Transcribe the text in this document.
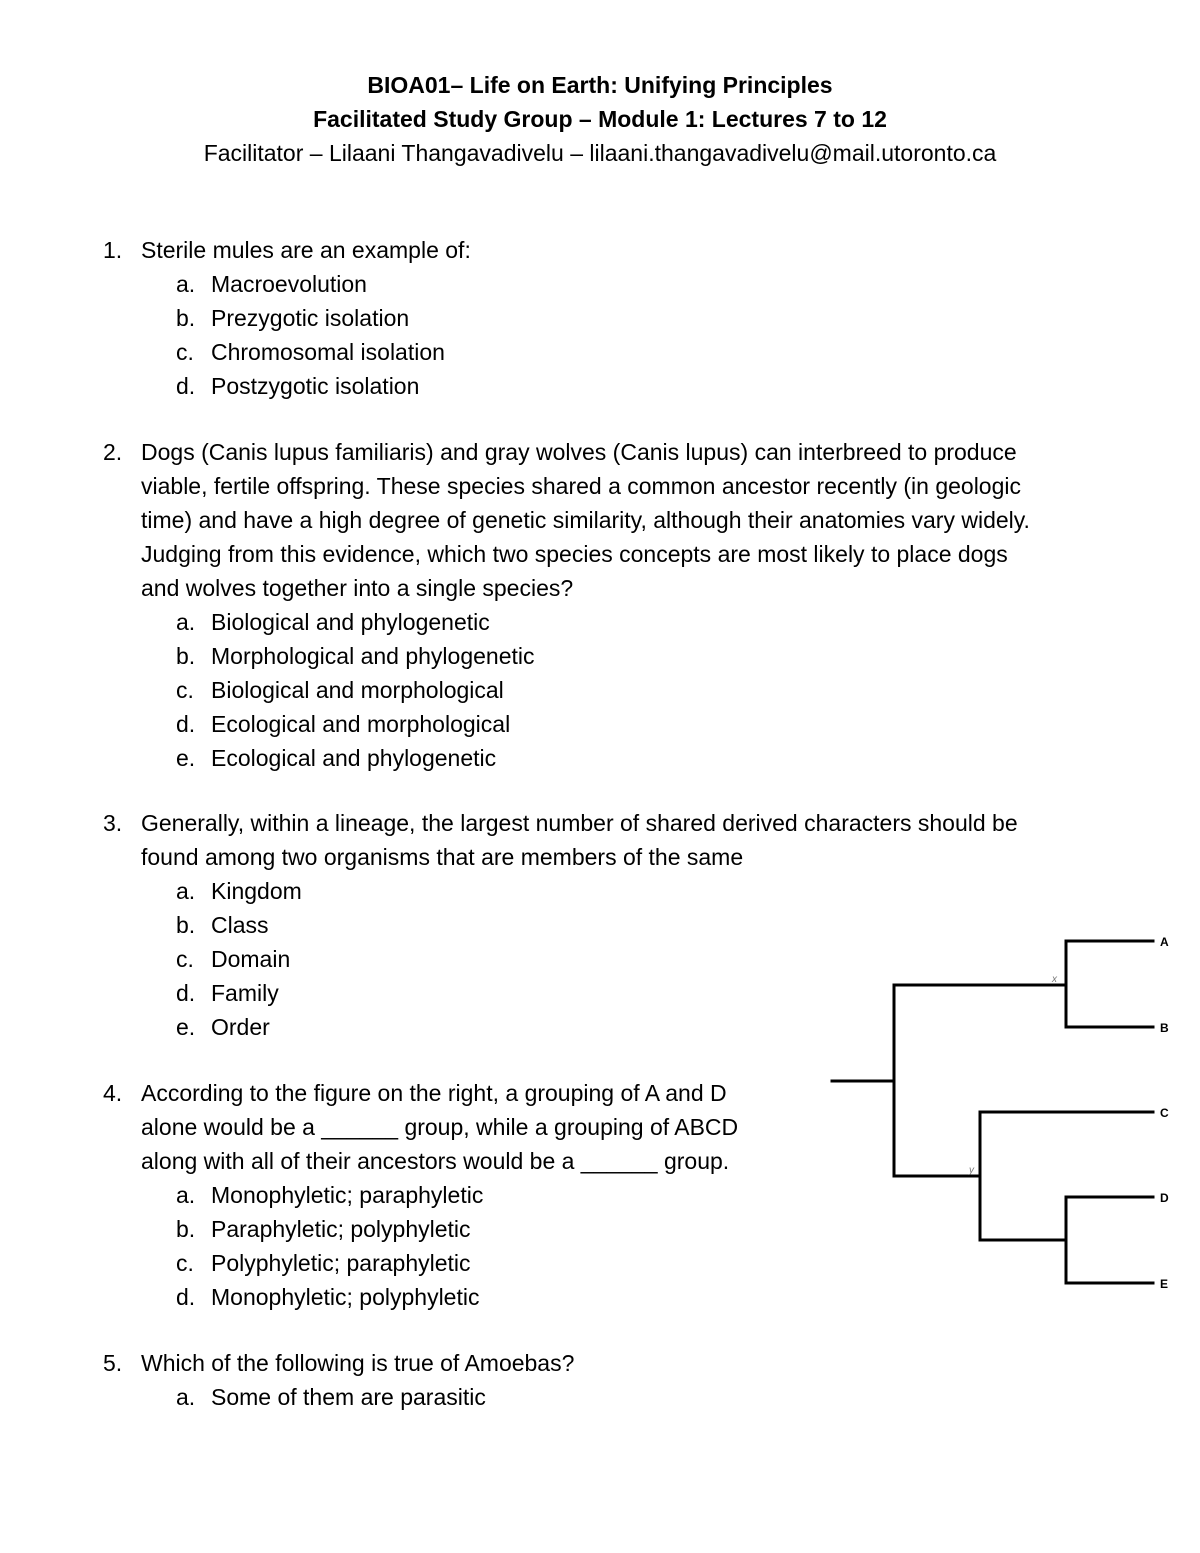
BIOA01– Life on Earth: Unifying Principles
Facilitated Study Group – Module 1: Lectures 7 to 12
Facilitator – Lilaani Thangavadivelu – lilaani.thangavadivelu@mail.utoronto.ca
1. Sterile mules are an example of:
a. Macroevolution
b. Prezygotic isolation
c. Chromosomal isolation
d. Postzygotic isolation
2. Dogs (Canis lupus familiaris) and gray wolves (Canis lupus) can interbreed to produce
viable, fertile offspring. These species shared a common ancestor recently (in geologic
time) and have a high degree of genetic similarity, although their anatomies vary widely.
Judging from this evidence, which two species concepts are most likely to place dogs
and wolves together into a single species?
a. Biological and phylogenetic
b. Morphological and phylogenetic
c. Biological and morphological
d. Ecological and morphological
e. Ecological and phylogenetic
3. Generally, within a lineage, the largest number of shared derived characters should be
found among two organisms that are members of the same
a. Kingdom
b. Class
c. Domain
d. Family
e. Order
4. According to the figure on the right, a grouping of A and D
alone would be a ______ group, while a grouping of ABCD
along with all of their ancestors would be a ______ group.
a. Monophyletic; paraphyletic
b. Paraphyletic; polyphyletic
c. Polyphyletic; paraphyletic
d. Monophyletic; polyphyletic
5. Which of the following is true of Amoebas?
a. Some of them are parasitic
x
y
A
B
C
D
E
